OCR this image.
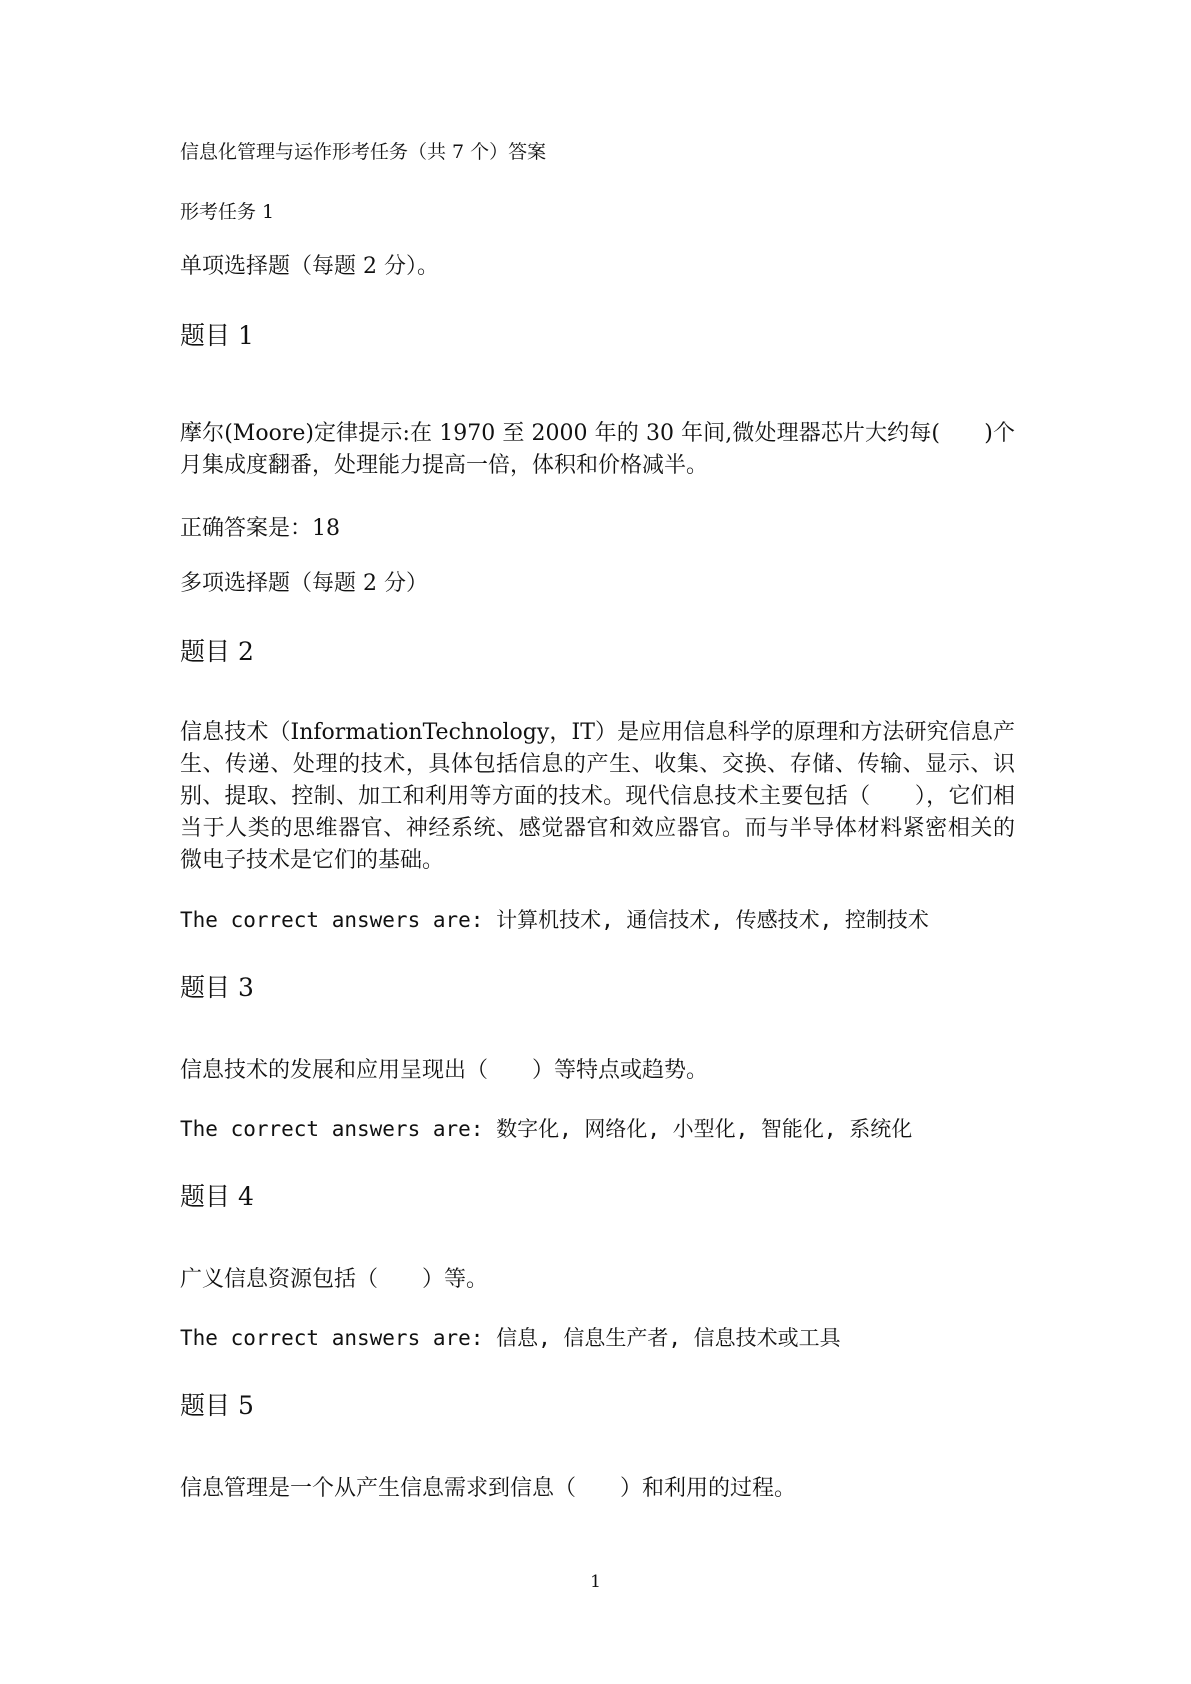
信息化管理与运作形考任务（共 7 个）答案

形考任务 1

单项选择题（每题 2 分）。

题目 1

摩尔(Moore)定律提示:在 1970 至 2000 年的 30 年间,微处理器芯片大约每(　　)个月集成度翻番，处理能力提高一倍，体积和价格减半。

正确答案是：18

多项选择题（每题 2 分）

题目 2

信息技术（InformationTechnology，IT）是应用信息科学的原理和方法研究信息产生、传递、处理的技术，具体包括信息的产生、收集、交换、存储、传输、显示、识别、提取、控制、加工和利用等方面的技术。现代信息技术主要包括（　　），它们相当于人类的思维器官、神经系统、感觉器官和效应器官。而与半导体材料紧密相关的微电子技术是它们的基础。

The correct answers are: 计算机技术, 通信技术, 传感技术, 控制技术

题目 3

信息技术的发展和应用呈现出（　　）等特点或趋势。

The correct answers are: 数字化, 网络化, 小型化, 智能化, 系统化

题目 4

广义信息资源包括（　　）等。

The correct answers are: 信息, 信息生产者, 信息技术或工具

题目 5

信息管理是一个从产生信息需求到信息（　　）和利用的过程。

1
